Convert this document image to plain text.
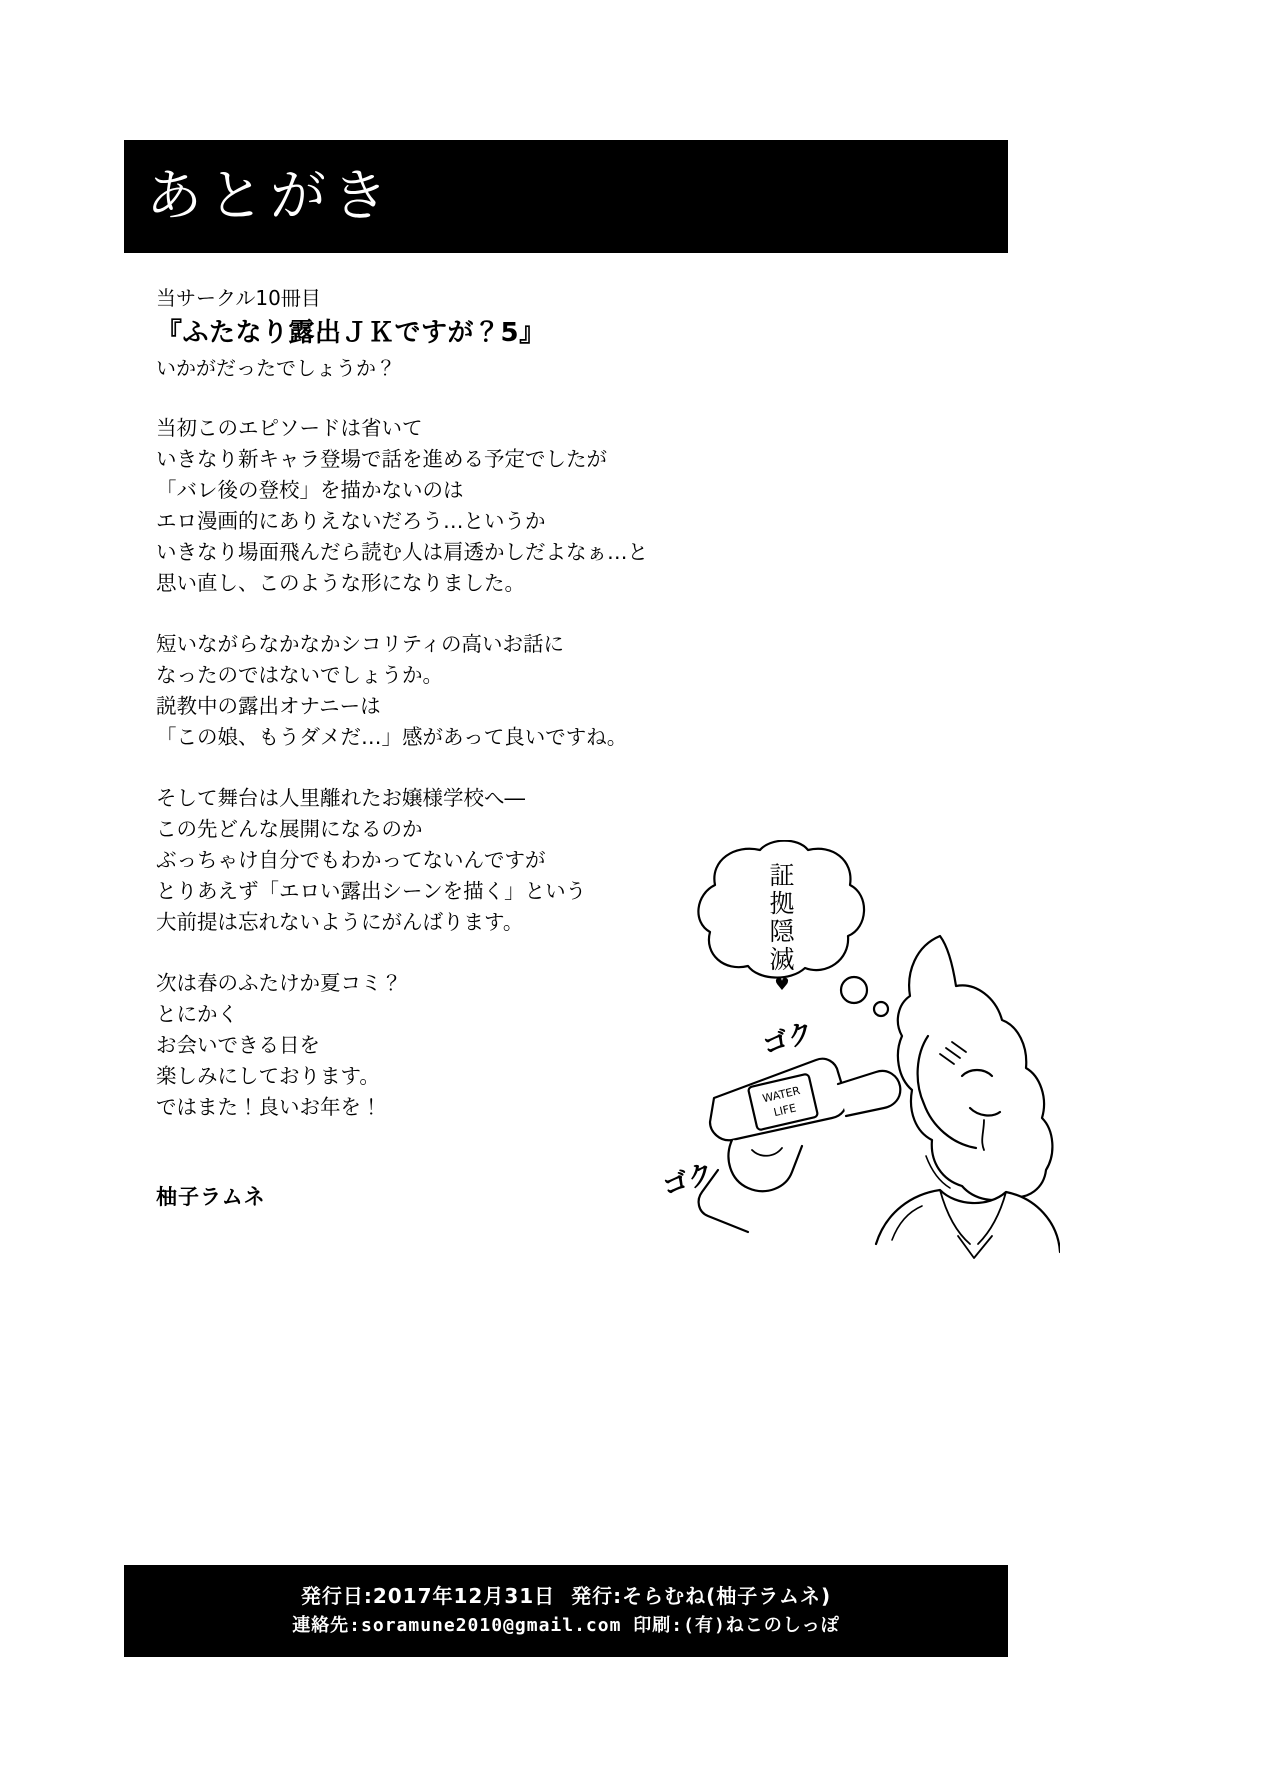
あとがき
当サークル10冊目
『ふたなり露出ＪＫですが？5』
いかがだったでしょうか？
当初このエピソードは省いて
いきなり新キャラ登場で話を進める予定でしたが
「バレ後の登校」を描かないのは
エロ漫画的にありえないだろう…というか
いきなり場面飛んだら読む人は肩透かしだよなぁ…と
思い直し、このような形になりました。
短いながらなかなかシコリティの高いお話に
なったのではないでしょうか。
説教中の露出オナニーは
「この娘、もうダメだ…」感があって良いですね。
そして舞台は人里離れたお嬢様学校へ―
この先どんな展開になるのか
ぶっちゃけ自分でもわかってないんですが
とりあえず「エロい露出シーンを描く」という
大前提は忘れないようにがんばります。
次は春のふたけか夏コミ？
とにかく
お会いできる日を
楽しみにしております。
ではまた！良いお年を！
柚子ラムネ
WATER
LIFE
証
拠
隠
滅
♥
ゴク
ゴク
発行日:2017年12月31日  発行:そらむね(柚子ラムネ)
連絡先:soramune2010@gmail.com 印刷:(有)ねこのしっぽ
